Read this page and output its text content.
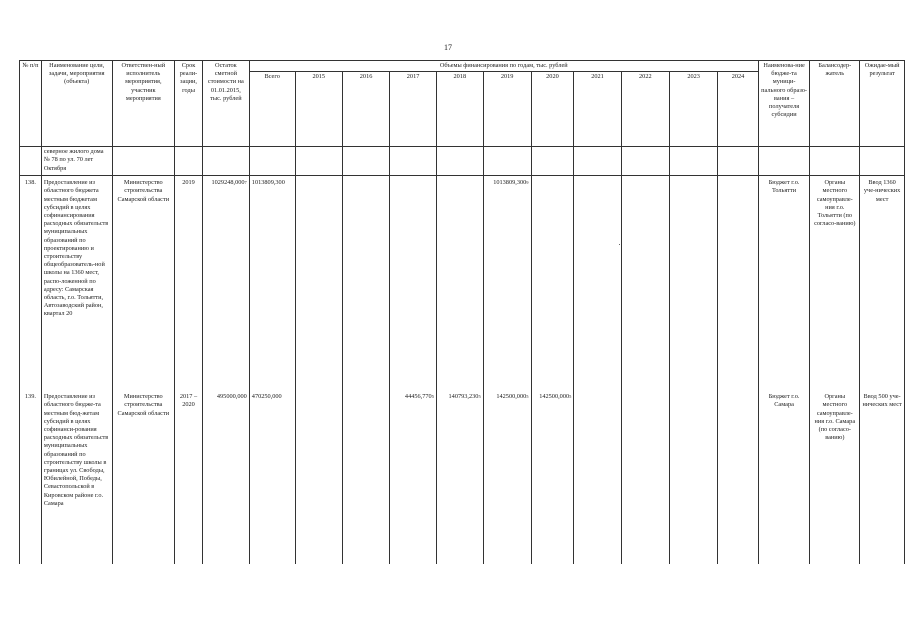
17
№ п/п	Наименование цели, задачи, мероприятия (объекта)	Ответствен-ный исполнитель мероприятия, участник мероприятия	Срок реали-зации, годы	Остаток сметной стоимости на 01.01.2015, тыс. рублей	Объемы финансирования по годам, тыс. рублей											Наименова-ние бюдже-та муници-пального образо-вания – получателя субсидии	Балансодер-жатель	Ожидае-мый результат
					Всего	2015	2016	2017	2018	2019	2020	2021	2022	2023	2024			
	северное жилого дома № 78 по ул. 70 лет Октября																	
138.	Предоставление из областного бюджета местным бюджетам субсидий в целях софинансирования расходных обязательств муниципальных образований по проектированию и строительству общеобразователь-ной школы на 1360 мест, распо-ложенной по адресу: Самарская область, г.о. Тольятти, Автозаводский район, квартал 20	Министерство строительства Самарской области	2019	1029248,000$^7$	1013809,300					1013809,300$^9$						Бюджет г.о. Тольятти	Органы местного самоуправле-ния г.о. Тольятти (по согласо-ванию)	Ввод 1360 уче-нических мест
139.	Предоставление из областного бюдже-та местным бюд-жетам субсидий в целях софинанси-рования расходных обязательств муниципальных образований по строительству школы в границах ул. Свободы, Юбилейной, Победы, Севастопольской в Кировском районе г.о. Самара	Министерство строительства Самарской области	2017 – 2020	495000,000	470250,000			44456,770$^5$	140793,230$^5$	142500,000$^5$	142500,000$^5$					Бюджет г.о. Самара	Органы местного самоуправле-ния г.о. Самара (по согласо-ванию)	Ввод 500 уче-нических мест
